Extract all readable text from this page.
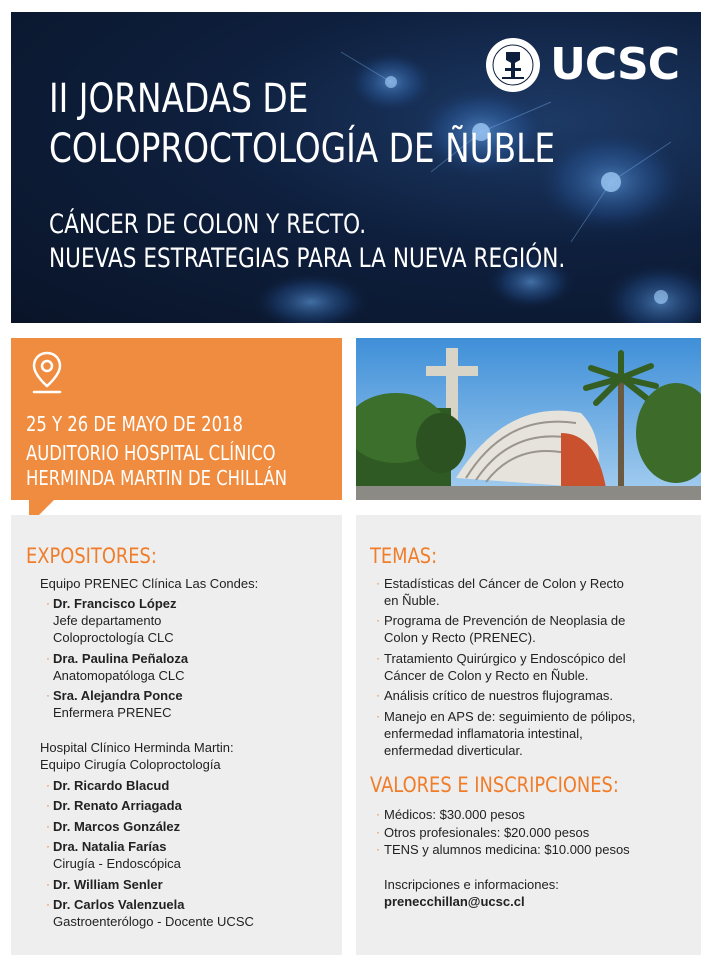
UCSC
II JORNADAS DE
COLOPROCTOLOGÍA DE ÑUBLE
CÁNCER DE COLON Y RECTO.
NUEVAS ESTRATEGIAS PARA LA NUEVA REGIÓN.
25 Y 26 DE MAYO DE 2018
AUDITORIO HOSPITAL CLÍNICO
HERMINDA MARTIN DE CHILLÁN
EXPOSITORES:
Equipo PRENEC Clínica Las Condes:
· Dr. Francisco López
Jefe departamento
Coloproctología CLC
· Dra. Paulina Peñaloza
Anatomopatóloga CLC
· Sra. Alejandra Ponce
Enfermera PRENEC
Hospital Clínico Herminda Martin:
Equipo Cirugía Coloproctología
· Dr. Ricardo Blacud
· Dr. Renato Arriagada
· Dr. Marcos González
· Dra. Natalia Farías
Cirugía - Endoscópica
· Dr. William Senler
· Dr. Carlos Valenzuela
Gastroenterólogo - Docente UCSC
TEMAS:
· Estadísticas del Cáncer de Colon y Recto
en Ñuble.
· Programa de Prevención de Neoplasia de
Colon y Recto (PRENEC).
· Tratamiento Quirúrgico y Endoscópico del
Cáncer de Colon y Recto en Ñuble.
· Análisis crítico de nuestros flujogramas.
· Manejo en APS de: seguimiento de pólipos,
enfermedad inflamatoria intestinal,
enfermedad diverticular.
VALORES E INSCRIPCIONES:
· Médicos: $30.000 pesos
· Otros profesionales: $20.000 pesos
· TENS y alumnos medicina: $10.000 pesos
Inscripciones e informaciones:
prenecchillan@ucsc.cl
